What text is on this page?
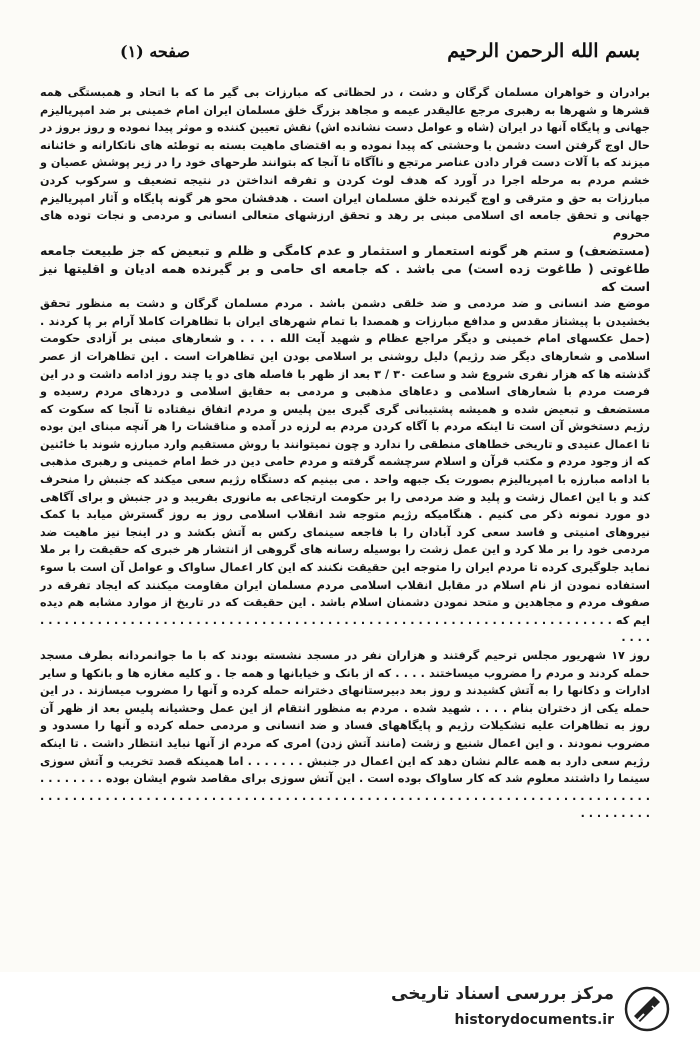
بسم الله الرحمن الرحیم
صفحه (۱)

برادران و خواهران مسلمان گرگان و دشت ، در لحظاتی که مبارزات بی گیر ما که با اتحاد و همبستگی همه قشرها و شهرها به رهبری مرجع عالیقدر عیمه و مجاهد بزرگ خلق مسلمان ایران امام خمینی بر ضد امپریالیزم جهانی و پایگاه آنها در ایران (شاه و عوامل دست نشانده اش) نقش تعیین کننده و موثر پیدا نموده و روز بروز در حال اوج گرفتن است دشمن با وحشتی که پیدا نموده و به اقتضای ماهیت بسته به توطئه های ناتکارانه و خائنانه میزند که با آلات دست قرار دادن عناصر مرتجع و ناآگاه تا آنجا که بتوانند طرحهای خود را در زیر پوشش عصیان و خشم مردم به مرحله اجرا در آورد که هدف لوث کردن و تفرقه انداختن در نتیجه تضعیف و سرکوب کردن مبارزات به حق و مترقی و اوج گیرنده خلق مسلمان ایران است . هدفشان محو هر گونه پایگاه و آثار امپریالیزم جهانی و تحقق جامعه ای اسلامی مبنی بر رهد و تحقق ارزشهای متعالی انسانی و مردمی و نجات توده های محروم

(مستضعف) و ستم هر گونه استعمار و استثمار و عدم کامگی و ظلم و تبعیض که جز طبیعت جامعه طاغوتی ( طاغوت زده است) می باشد . که جامعه ای حامی و بر گیرنده همه ادیان و اقلیتها نیز است که

موضع ضد انسانی و ضد مردمی و ضد خلقی دشمن باشد . مردم مسلمان گرگان و دشت به منظور تحقق بخشیدن با پیشتاز مقدس و مدافع مبارزات و همصدا با تمام شهرهای ایران با تظاهرات کاملا آرام بر پا کردند . (حمل عکسهای امام خمینی و دیگر مراجع عظام و شهید آیت الله . . . . و شعارهای مبنی بر آزادی حکومت اسلامی و شعارهای دیگر ضد رژیم) دلیل روشنی بر اسلامی بودن این تظاهرات است . این تظاهرات از عصر گذشته ها که هزار نفری شروع شد و ساعت ۳۰ / ۳ بعد از ظهر با فاصله های دو یا چند روز ادامه داشت و در این فرصت مردم با شعارهای اسلامی و دعاهای مذهبی و مردمی به حقایق اسلامی و دردهای مردم رسیده و مستضعف و تبعیض شده و همیشه پشتیبانی گری گیری بین پلیس و مردم اتفاق نیفتاده تا آنجا که سکوت که رژیم دستخوش آن است تا اینکه مردم با آگاه کردن مردم به لرزه در آمده و مناقشات را هر آنچه مبنای این بوده تا اعمال عنیدی و تاریخی خطاهای منطقی را ندارد و چون نمیتوانند با روش مستقیم وارد مبارزه شوند با خائنین که از وجود مردم و مکتب قرآن و اسلام سرچشمه گرفته و مردم حامی دین در خط امام خمینی و رهبری مذهبی با ادامه مبارزه با امپریالیزم بصورت یک جبهه واحد . می بینیم که دستگاه رژیم سعی میکند که جنبش را منحرف کند و با این اعمال زشت و پلید و ضد مردمی را بر حکومت ارتجاعی به مانوری بفریبد و در جنبش و برای آگاهی دو مورد نمونه ذکر می کنیم . هنگامیکه رژیم متوجه شد انقلاب اسلامی روز به روز گسترش میابد با کمک نیروهای امنیتی و فاسد سعی کرد آبادان را با فاجعه سینمای رکس به آتش بکشد و در اینجا نیز ماهیت ضد مردمی خود را بر ملا کرد و این عمل زشت را بوسیله رسانه های گروهی از انتشار هر خبری که حقیقت را بر ملا نماید جلوگیری کرده تا مردم ایران را متوجه این حقیقت نکنند که این کار اعمال ساواک و عوامل آن است با سوء استفاده نمودن از نام اسلام در مقابل انقلاب اسلامی مردم مسلمان ایران مقاومت میکنند که ایجاد تفرقه در صفوف مردم و مجاهدین و متحد نمودن دشمنان اسلام باشد . این حقیقت که در تاریخ از موارد مشابه هم دیده ایم که . . . . . . . . . . . . . . . . . . . . . . . . . . . . . . . . . . . . . . . . . . . . . . . . . . . . . . . . . . . . . . . . . . . . . . . . . .

روز ۱۷ شهریور مجلس ترحیم گرفتند و هزاران نفر در مسجد نشسته بودند که با ما جوانمردانه بطرف مسجد حمله کردند و مردم را مضروب میساختند . . . . که از بانک و خیابانها و همه جا . و کلیه مغازه ها و بانکها و سایر ادارات و دکانها را به آتش کشیدند و روز بعد دبیرستانهای دخترانه حمله کرده و آنها را مضروب میسازند . در این حمله یکی از دختران بنام . . . . شهید شده . مردم به منظور انتقام از این عمل وحشیانه پلیس بعد از ظهر آن روز به تظاهرات علیه تشکیلات رژیم و پایگاههای فساد و ضد انسانی و مردمی حمله کرده و آنها را مسدود و مضروب نمودند . و این اعمال شنیع و زشت (مانند آتش زدن) امری که مردم از آنها نباید انتظار داشت . تا اینکه رژیم سعی دارد به همه عالم نشان دهد که این اعمال در جنبش . . . . . . . اما همینکه قصد تخریب و آتش سوزی سینما را داشتند معلوم شد که کار ساواک بوده است . این آتش سوزی برای مقاصد شوم ایشان بوده . . . . . . . . . . . . . . . . . . . . . . . . . . . . . . . . . . . . . . . . . . . . . . . . . . . . . . . . . . . . . . . . . . . . . . . . . . . . . . . . . . . . . . . . . . . .

مرکز بررسی اسناد تاریخی
historydocuments.ir
